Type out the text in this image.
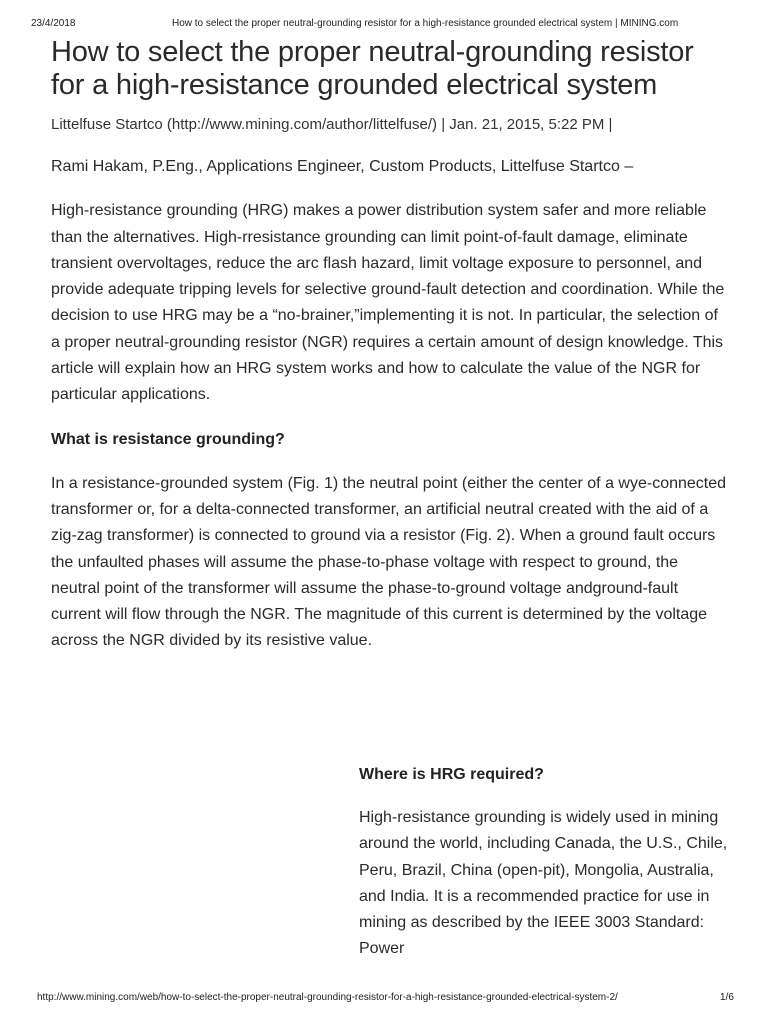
23/4/2018	How to select the proper neutral-grounding resistor for a high-resistance grounded electrical system | MINING.com
How to select the proper neutral-grounding resistor for a high-resistance grounded electrical system
Littelfuse Startco (http://www.mining.com/author/littelfuse/) | Jan. 21, 2015, 5:22 PM |

Rami Hakam, P.Eng., Applications Engineer, Custom Products, Littelfuse Startco –

High-resistance grounding (HRG) makes a power distribution system safer and more reliable than the alternatives. High-rresistance grounding can limit point-of-fault damage, eliminate transient overvoltages, reduce the arc flash hazard, limit voltage exposure to personnel, and provide adequate tripping levels for selective ground-fault detection and coordination. While the decision to use HRG may be a “no-brainer,”implementing it is not. In particular, the selection of a proper neutral-grounding resistor (NGR) requires a certain amount of design knowledge. This article will explain how an HRG system works and how to calculate the value of the NGR for particular applications.

What is resistance grounding?

In a resistance-grounded system (Fig. 1) the neutral point (either the center of a wye-connected transformer or, for a delta-connected transformer, an artificial neutral created with the aid of a zig-zag transformer) is connected to ground via a resistor (Fig. 2). When a ground fault occurs the unfaulted phases will assume the phase-to-phase voltage with respect to ground, the neutral point of the transformer will assume the phase-to-ground voltage andground-fault current will flow through the NGR. The magnitude of this current is determined by the voltage across the NGR divided by its resistive value.

Where is HRG required?

High-resistance grounding is widely used in mining around the world, including Canada, the U.S., Chile, Peru, Brazil, China (open-pit), Mongolia, Australia, and India. It is a recommended practice for use in mining as described by the IEEE 3003 Standard: Power

http://www.mining.com/web/how-to-select-the-proper-neutral-grounding-resistor-for-a-high-resistance-grounded-electrical-system-2/	1/6
